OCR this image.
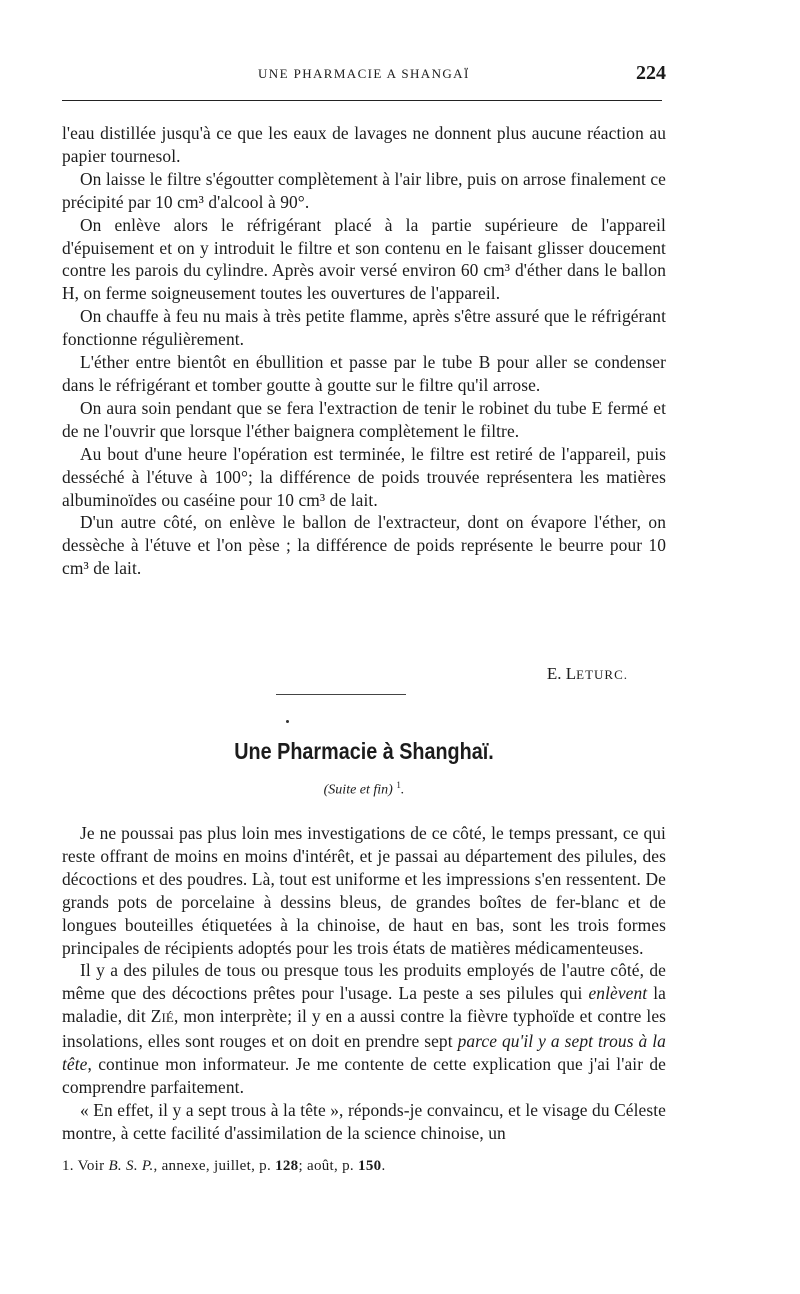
UNE PHARMACIE A SHANGAÏ	224

l'eau distillée jusqu'à ce que les eaux de lavages ne donnent plus aucune réaction au papier tournesol.

On laisse le filtre s'égoutter complètement à l'air libre, puis on arrose finalement ce précipité par 10 cm³ d'alcool à 90°.

On enlève alors le réfrigérant placé à la partie supérieure de l'appareil d'épuisement et on y introduit le filtre et son contenu en le faisant glisser doucement contre les parois du cylindre. Après avoir versé environ 60 cm³ d'éther dans le ballon H, on ferme soigneusement toutes les ouvertures de l'appareil.

On chauffe à feu nu mais à très petite flamme, après s'être assuré que le réfrigérant fonctionne régulièrement.

L'éther entre bientôt en ébullition et passe par le tube B pour aller se condenser dans le réfrigérant et tomber goutte à goutte sur le filtre qu'il arrose.

On aura soin pendant que se fera l'extraction de tenir le robinet du tube E fermé et de ne l'ouvrir que lorsque l'éther baignera complètement le filtre.

Au bout d'une heure l'opération est terminée, le filtre est retiré de l'appareil, puis desséché à l'étuve à 100°; la différence de poids trouvée représentera les matières albuminoïdes ou caséine pour 10 cm³ de lait.

D'un autre côté, on enlève le ballon de l'extracteur, dont on évapore l'éther, on dessèche à l'étuve et l'on pèse ; la différence de poids représente le beurre pour 10 cm³ de lait.

E. LETURC.
Une Pharmacie à Shanghaï.
(Suite et fin) $^1$.

Je ne poussai pas plus loin mes investigations de ce côté, le temps pressant, ce qui reste offrant de moins en moins d'intérêt, et je passai au département des pilules, des décoctions et des poudres. Là, tout est uniforme et les impressions s'en ressentent. De grands pots de porcelaine à dessins bleus, de grandes boîtes de fer-blanc et de longues bouteilles étiquetées à la chinoise, de haut en bas, sont les trois formes principales de récipients adoptés pour les trois états de matières médicamenteuses.

Il y a des pilules de tous ou presque tous les produits employés de l'autre côté, de même que des décoctions prêtes pour l'usage. La peste a ses pilules qui enlèvent la maladie, dit ZIÉ, mon interprète; il y en a aussi contre la fièvre typhoïde et contre les insolations, elles sont rouges et on doit en prendre sept parce qu'il y a sept trous à la tête, continue mon informateur. Je me contente de cette explication que j'ai l'air de comprendre parfaitement.

« En effet, il y a sept trous à la tête », réponds-je convaincu, et le visage du Céleste montre, à cette facilité d'assimilation de la science chinoise, un

1. Voir B. S. P., annexe, juillet, p. 128; août, p. 150.
